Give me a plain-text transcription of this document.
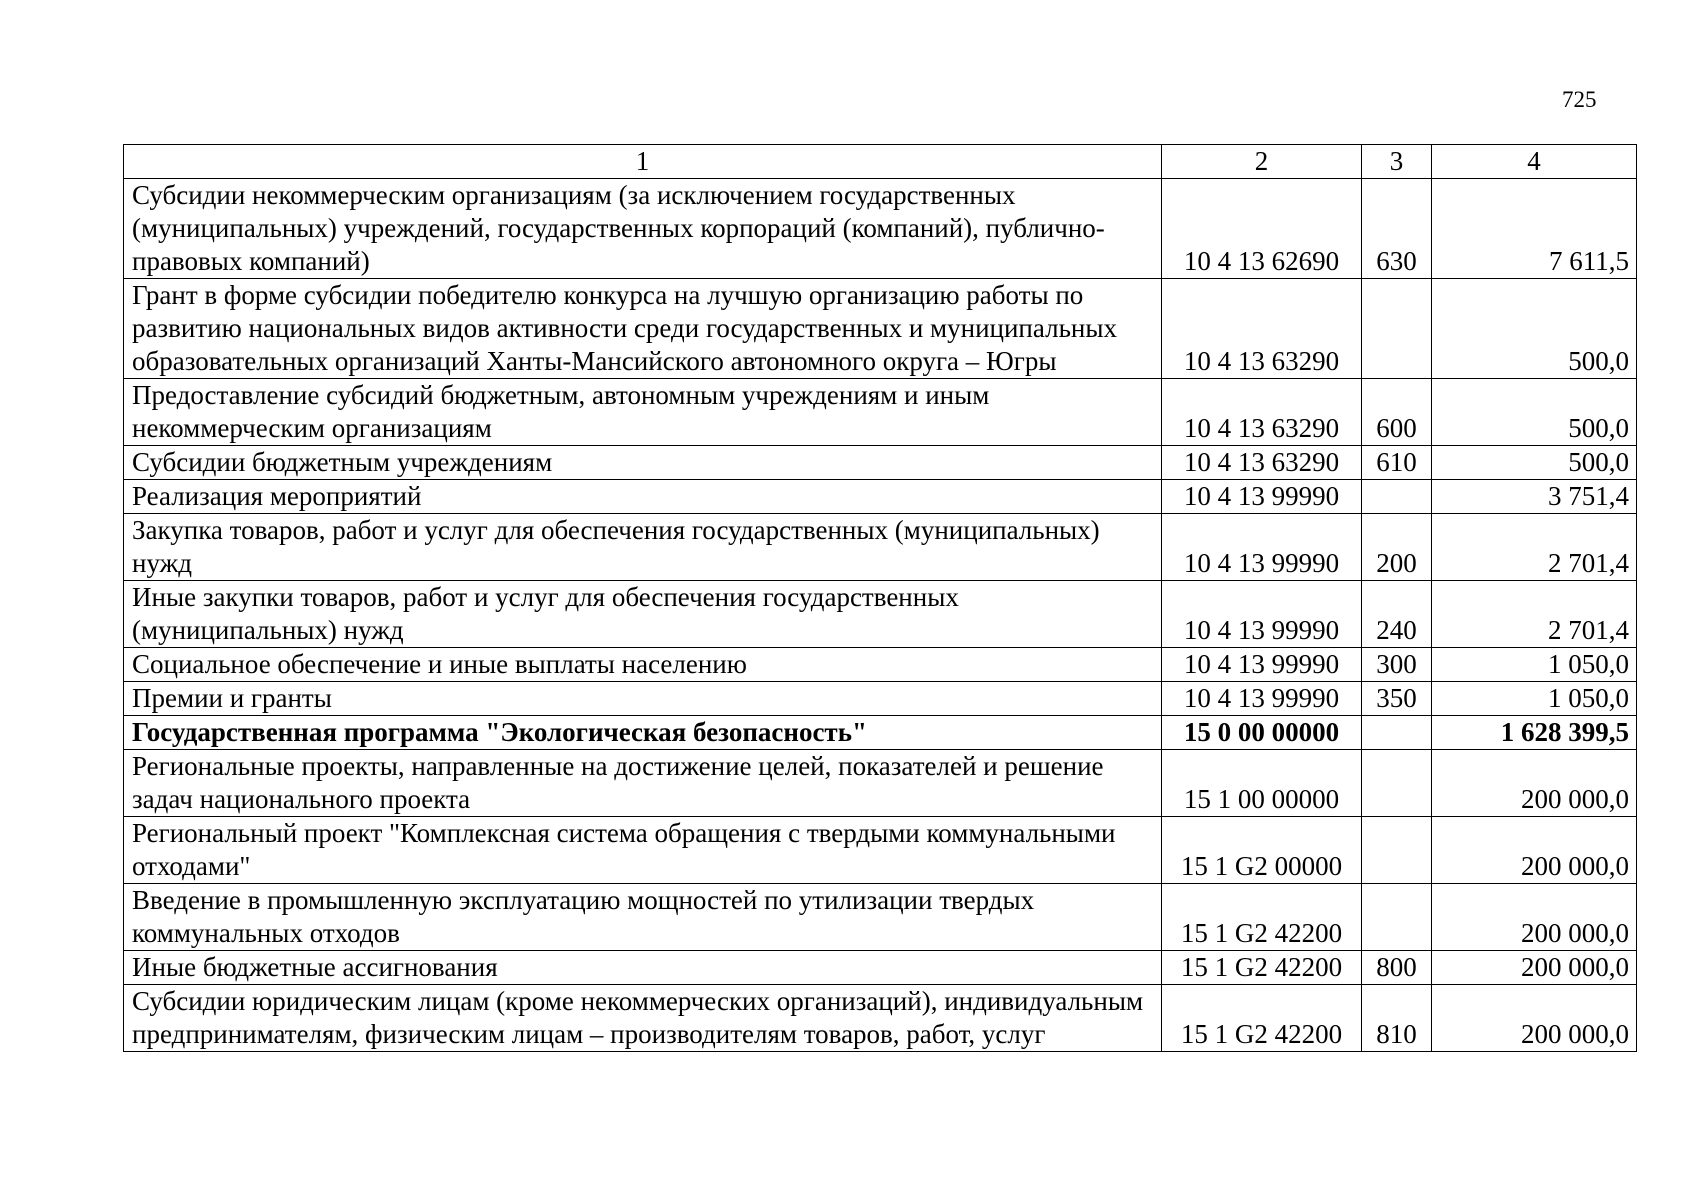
725
1	2	3	4
Субсидии некоммерческим организациям (за исключением государственных (муниципальных) учреждений, государственных корпораций (компаний), публично-правовых компаний)	10 4 13 62690	630	7 611,5
Грант в форме субсидии победителю конкурса на лучшую организацию работы по развитию национальных видов активности среди государственных и муниципальных образовательных организаций Ханты-Мансийского автономного округа – Югры	10 4 13 63290		500,0
Предоставление субсидий бюджетным, автономным учреждениям и иным некоммерческим организациям	10 4 13 63290	600	500,0
Субсидии бюджетным учреждениям	10 4 13 63290	610	500,0
Реализация мероприятий	10 4 13 99990		3 751,4
Закупка товаров, работ и услуг для обеспечения государственных (муниципальных) нужд	10 4 13 99990	200	2 701,4
Иные закупки товаров, работ и услуг для обеспечения государственных (муниципальных) нужд	10 4 13 99990	240	2 701,4
Социальное обеспечение и иные выплаты населению	10 4 13 99990	300	1 050,0
Премии и гранты	10 4 13 99990	350	1 050,0
Государственная программа "Экологическая безопасность"	15 0 00 00000		1 628 399,5
Региональные проекты, направленные на достижение целей, показателей и решение задач национального проекта	15 1 00 00000		200 000,0
Региональный проект "Комплексная система обращения с твердыми коммунальными отходами"	15 1 G2 00000		200 000,0
Введение в промышленную эксплуатацию мощностей по утилизации твердых коммунальных отходов	15 1 G2 42200		200 000,0
Иные бюджетные ассигнования	15 1 G2 42200	800	200 000,0
Субсидии юридическим лицам (кроме некоммерческих организаций), индивидуальным предпринимателям, физическим лицам – производителям товаров, работ, услуг	15 1 G2 42200	810	200 000,0
